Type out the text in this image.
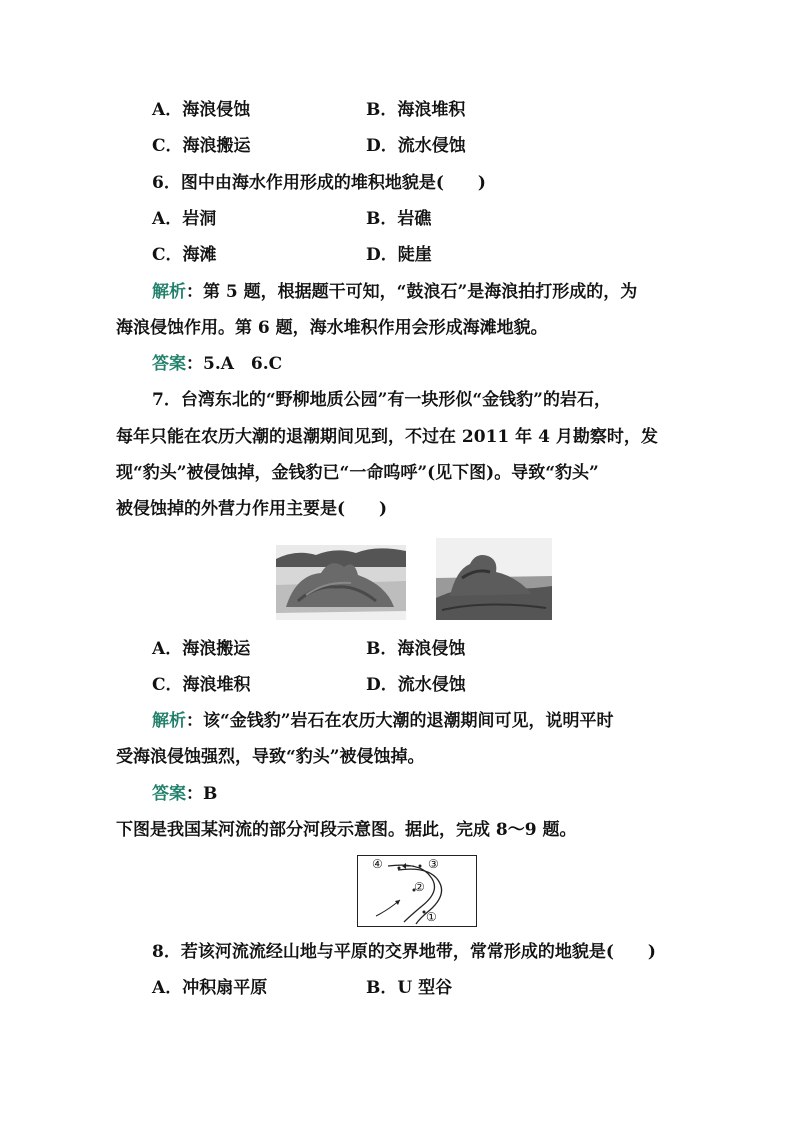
A．海浪侵蚀	B．海浪堆积
C．海浪搬运	D．流水侵蚀
6．图中由海水作用形成的堆积地貌是(　　)
A．岩洞	B．岩礁
C．海滩	D．陡崖
解析：第 5 题，根据题干可知，“鼓浪石”是海浪拍打形成的，为
海浪侵蚀作用。第 6 题，海水堆积作用会形成海滩地貌。
答案：5.A　6.C
7．台湾东北的“野柳地质公园”有一块形似“金钱豹”的岩石，
每年只能在农历大潮的退潮期间见到，不过在 2011 年 4 月勘察时，发
现“豹头”被侵蚀掉，金钱豹已“一命呜呼”(见下图)。导致“豹头”
被侵蚀掉的外营力作用主要是(　　)
A．海浪搬运	B．海浪侵蚀
C．海浪堆积	D．流水侵蚀
解析：该“金钱豹”岩石在农历大潮的退潮期间可见，说明平时
受海浪侵蚀强烈，导致“豹头”被侵蚀掉。
答案：B
下图是我国某河流的部分河段示意图。据此，完成 8～9 题。
④	③
②
①
8．若该河流流经山地与平原的交界地带，常常形成的地貌是(　　)
A．冲积扇平原	B．U 型谷
